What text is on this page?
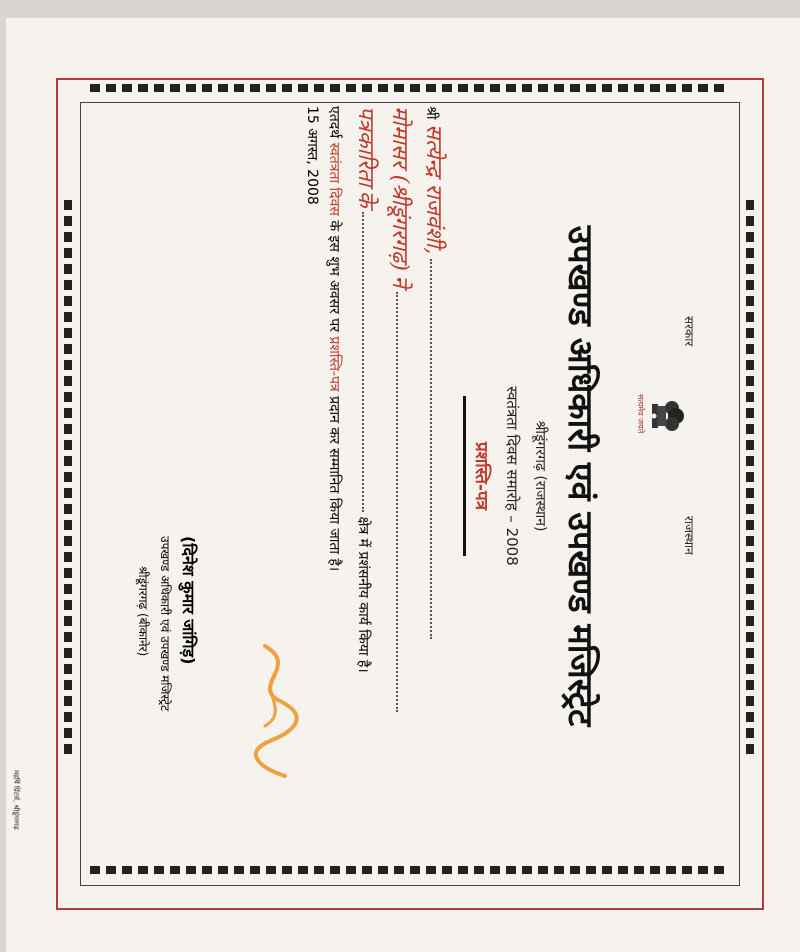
राजस्थान
सत्यमेव जयते
सरकार
उपखण्ड अधिकारी एवं उपखण्ड मजिस्ट्रेट
श्रीडूंगरगढ़ (राजस्थान)
स्वतंत्रता दिवस समारोह – 2008
प्रशस्ति-पत्र
श्री सत्येन्द्र राजवंशी,
मोमासर (श्रीडूंगरगढ़) ने
पत्रकारिता के  क्षेत्र में प्रशंसनीय कार्य किया है।
एतदर्थ स्वतंत्रता दिवस के इस शुभ अवसर पर प्रशस्ति-पत्र प्रदान कर सम्मानित किया जाता है।
15 अगस्त, 2008
(दिनेश कुमार जांगिड़)
उपखण्ड अधिकारी एवं उपखण्ड मजिस्ट्रेट
श्रीडूंगरगढ़ (बीकानेर)
महर्षि प्रिंटर्स, श्रीडूंगरगढ़
